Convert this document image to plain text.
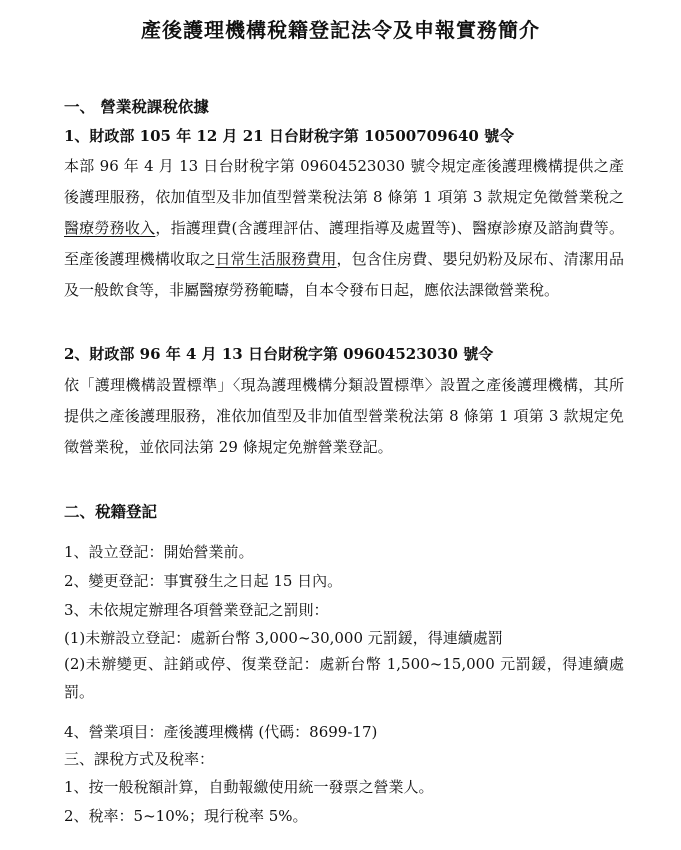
產後護理機構稅籍登記法令及申報實務簡介
一、 營業稅課稅依據
1、財政部 105 年 12 月 21 日台財稅字第 10500709640 號令
本部 96 年 4 月 13 日台財稅字第 09604523030 號令規定產後護理機構提供之產後護理服務，依加值型及非加值型營業稅法第 8 條第 1 項第 3 款規定免徵營業稅之醫療勞務收入，指護理費(含護理評估、護理指導及處置等)、醫療診療及諮詢費等。至產後護理機構收取之日常生活服務費用，包含住房費、嬰兒奶粉及尿布、清潔用品及一般飲食等，非屬醫療勞務範疇，自本令發布日起，應依法課徵營業稅。
2、財政部 96 年 4 月 13 日台財稅字第 09604523030 號令
依「護理機構設置標準」〈現為護理機構分類設置標準〉設置之產後護理機構，其所提供之產後護理服務，准依加值型及非加值型營業稅法第 8 條第 1 項第 3 款規定免徵營業稅，並依同法第 29 條規定免辦營業登記。
二、稅籍登記
1、設立登記：開始營業前。
2、變更登記：事實發生之日起 15 日內。
3、未依規定辦理各項營業登記之罰則：
(1)未辦設立登記：處新台幣 3,000~30,000 元罰鍰，得連續處罰
(2)未辦變更、註銷或停、復業登記：處新台幣 1,500~15,000 元罰鍰，得連續處罰。
4、營業項目：產後護理機構 (代碼：8699-17)
三、課稅方式及稅率：
1、按一般稅額計算，自動報繳使用統一發票之營業人。
2、稅率：5~10%；現行稅率 5%。
